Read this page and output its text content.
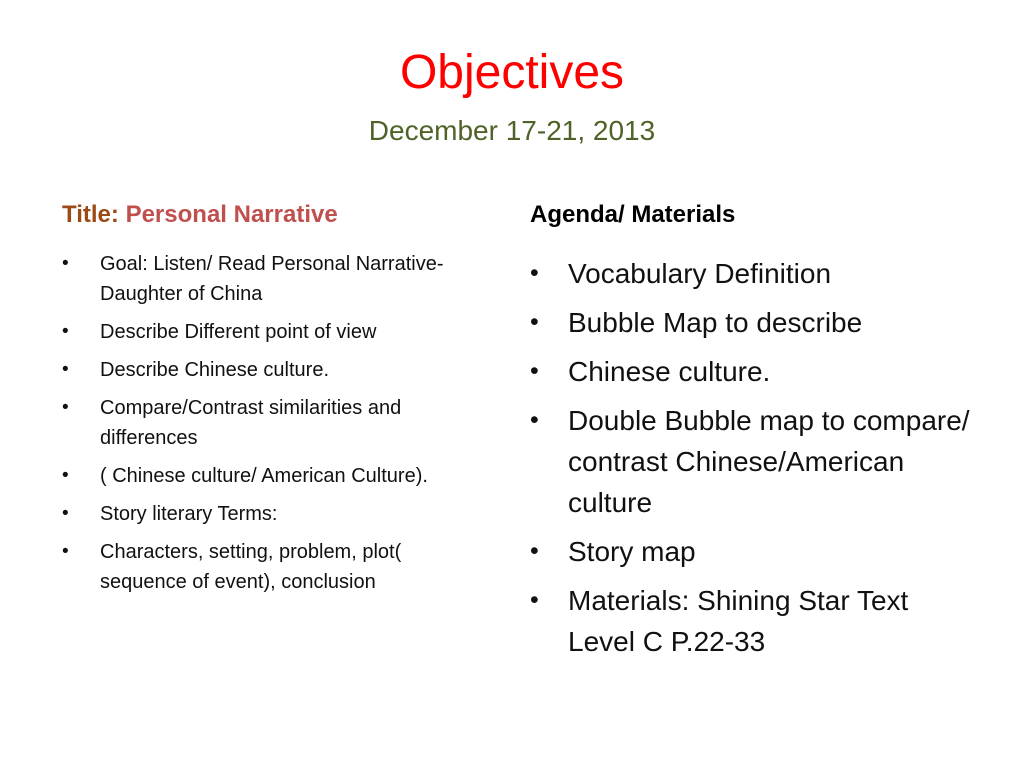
Objectives
December 17-21, 2013
Title: Personal Narrative
•	Goal: Listen/ Read Personal Narrative-Daughter of China
•	Describe Different point of view
•	Describe Chinese culture.
•	Compare/Contrast similarities and differences
•	( Chinese culture/ American Culture).
•	Story literary Terms:
•	Characters, setting, problem, plot( sequence of event), conclusion
Agenda/ Materials
•	Vocabulary Definition
•	Bubble Map to describe
•	Chinese culture.
•	Double Bubble map to compare/ contrast Chinese/American culture
•	Story map
•	Materials: Shining Star Text Level C P.22-33
